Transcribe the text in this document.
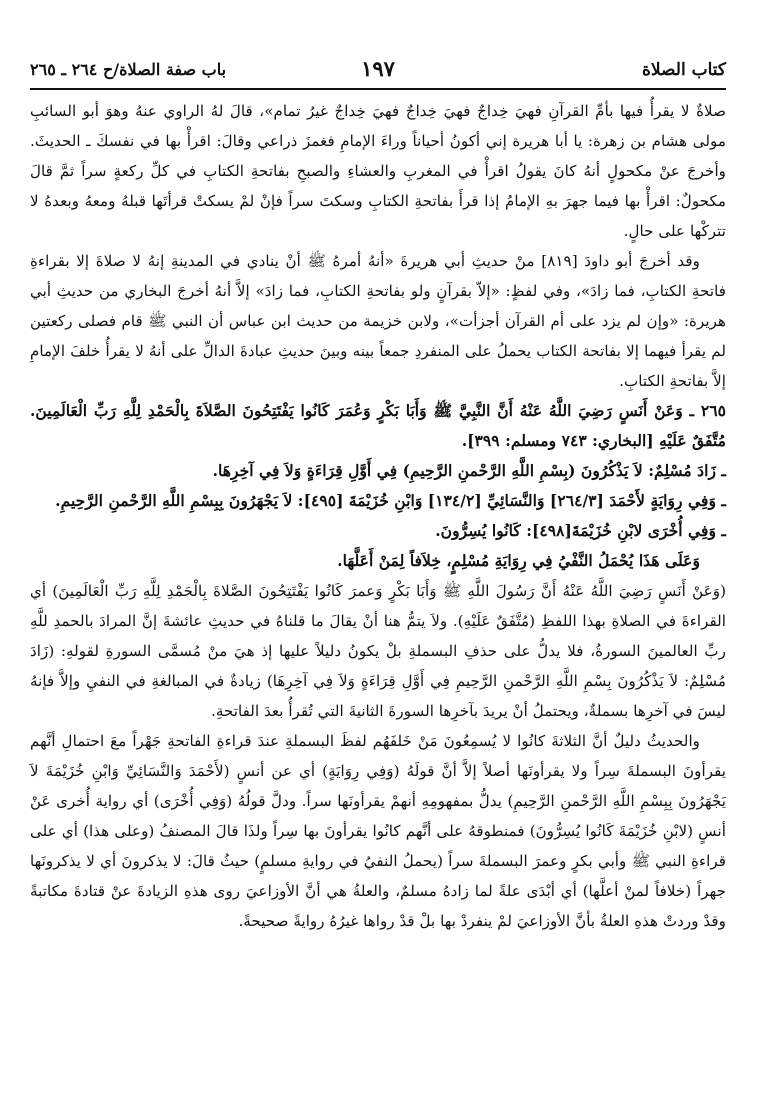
كتاب الصلاة
١٩٧
باب صفة الصلاة/ح ٢٦٤ ـ ٢٦٥

صلاةٌ لا يقرأُ فيها بأمِّ القرآنِ فهيَ خِداجٌ فهيَ خِداجٌ فهيَ خِداجٌ غيرُ تمام»، قالَ لهُ الراوي عنهُ وهوَ أبو السائبِ مولى هشام بن زهرة: يا أبا هريرة إني أكونُ أحياناً وراءَ الإمامِ فغمزَ ذراعي وقالَ: اقرأْ بها في نفسكَ ـ الحديثَ. وأخرجَ عنْ مكحولٍ أنهُ كانَ يقولُ اقرأْ في المغربِ والعشاءِ والصبحِ بفاتحةِ الكتابِ في كلِّ ركعةٍ سراً ثمَّ قالَ مكحولٌ: اقرأْ بها فيما جهرَ بهِ الإمامُ إذا قرأَ بفاتحةِ الكتابِ وسكتَ سراً فإنْ لمْ يسكتْ قرأتَها قبلهُ ومعهُ وبعدهُ لا تتركْها على حالٍ.

وقد أخرجَ أبو داودَ [٨١٩] منْ حديثِ أبي هريرةَ «أنهُ أمرهُ ﷺ أنْ ينادي في المدينةِ إنهُ لا صلاةَ إلا بقراءةِ فاتحةِ الكتابِ، فما زادَ»، وفي لفظٍ: «إلاّ بقرآنٍ ولو بفاتحةِ الكتابِ، فما زادَ» إلاَّ أنهُ أخرجَ البخاري من حديثِ أبي هريرة: «وإن لم يزد على أم القرآن أجزأت»، ولابن خزيمة من حديث ابن عباس أن النبي ﷺ قام فصلى ركعتين لم يقرأ فيهما إلا بفاتحة الكتاب يحملُ على المنفردِ جمعاً بينه وبينَ حديثِ عبادةَ الدالِّ على أنهُ لا يقرأُ خلفَ الإمامِ إلاَّ بفاتحةِ الكتابِ.

٢٦٥ ـ وَعَنْ أَنَسٍ رَضِيَ اللَّهُ عَنْهُ أَنَّ النَّبِيَّ ﷺ وَأَبَا بَكْرٍ وَعُمَرَ كَانُوا يَفْتَتِحُونَ الصَّلاَةَ بِالْحَمْدِ لِلَّهِ رَبِّ الْعَالَمِينَ. مُتَّفَقٌ عَلَيْهِ [البخاري: ٧٤٣ ومسلم: ٣٩٩].

ـ زَادَ مُسْلِمٌ: لاَ يَذْكُرُونَ (بِسْمِ اللَّهِ الرَّحْمنِ الرَّحِيمِ) فِي أَوَّلِ قِرَاءَةٍ وَلاَ فِي آخِرِهَا.

ـ وَفِي رِوَايَةٍ لأَحْمَدَ [٢٦٤/٣] وَالنَّسَائِيِّ [١٣٤/٢] وَابْنِ خُزَيْمَةَ [٤٩٥]: لاَ يَجْهَرُونَ بِبِسْمِ اللَّهِ الرَّحْمنِ الرَّحِيمِ.

ـ وَفِي أُخْرَى لابْنِ خُزَيْمَةَ[٤٩٨]: كَانُوا يُسِرُّونَ.

وَعَلَى هَذَا يُحْمَلُ النَّفْيُ فِي رِوَايَةِ مُسْلِمٍ، خِلاَفاً لِمَنْ أَعَلَّهَا.

(وَعَنْ أَنَسٍ رَضِيَ اللَّهُ عَنْهُ أَنَّ رَسُولَ اللَّهِ ﷺ وَأَبَا بَكْرٍ وَعمرَ كَانُوا يَفْتَتِحُونَ الصَّلاةَ بِالْحَمْدِ لِلَّهِ رَبِّ الْعَالَمِينَ) أي القراءةَ في الصلاةِ بهذا اللفظِ (مُتَّفَقٌ عَلَيْهِ). ولاَ يتمُّ هنا أنْ يقالَ ما قلناهُ في حديثِ عائشةَ إنَّ المرادَ بالحمدِ للَّهِ ربِّ العالمينَ السورةُ، فلا يدلُّ على حذفِ البسملةِ بلْ يكونُ دليلاً عليها إذ هيَ منْ مُسمَّى السورةِ لقولهِ: (زَادَ مُسْلِمٌ: لاَ يَذْكُرُونَ بِسْمِ اللَّهِ الرَّحْمنِ الرَّحِيمِ فِي أَوَّلِ قِرَاءَةٍ وَلاَ فِي آخِرِهَا) زيادةٌ في المبالغةِ في النفيِ وإلاَّ فإنهُ ليسَ في آخرِها بسملةٌ، ويحتملُ أنْ يريدَ بآخرِها السورةَ الثانيةَ التي تُقرأُ بعدَ الفاتحةِ.

والحديثُ دليلٌ أنَّ الثلاثةَ كانُوا لا يُسمِعُونَ مَنْ خَلفَهُم لفظَ البسملةِ عندَ قراءةِ الفاتحةِ جَهْراً معَ احتمالِ أنَّهم يقرأونَ البسملةَ سِراً ولا يقرأونَها أصلاً إلاَّ أنَّ قولَهُ (وَفِي رِوَايَةٍ) أي عن أنسٍ (لأَحْمَدَ وَالنَّسَائِيِّ وَابْنِ خُزَيْمَةَ لاَ يَجْهَرُونَ بِبِسْمِ اللَّهِ الرَّحْمنِ الرَّحِيمِ) يدلُّ بمفهومِهِ أنهمْ يقرأونَها سراً. ودلَّ قولُهُ (وَفِي أُخْرَى) أي رواية أُخرى عَنْ أنسٍ (لابْنِ خُزَيْمَةَ كَانُوا يُسِرُّونَ) فمنطوقهُ على أنَّهم كانُوا يقرأونَ بها سِراً ولذَا قالَ المصنفُ (وعلى هذا) أي على قراءةِ النبي ﷺ وأبي بكرٍ وعمرَ البسملةَ سراً (يحملُ النفيُ في روايةِ مسلمٍ) حيثُ قالَ: لا يذكرونَ أي لا يذكرونَها جهراً (خلافاً لمنْ أعلَّها) أي أبْدَى علةً لما زادهُ مسلمٌ، والعلةُ هي أنَّ الأوزاعيَ روى هذهِ الزيادةَ عنْ قتادةَ مكاتبةً وقدْ وردتْ هذهِ العلةُ بأنَّ الأوزاعيَ لمْ ينفردْ بها بلْ قدْ رواها غيرُهُ روايةً صحيحةً.
